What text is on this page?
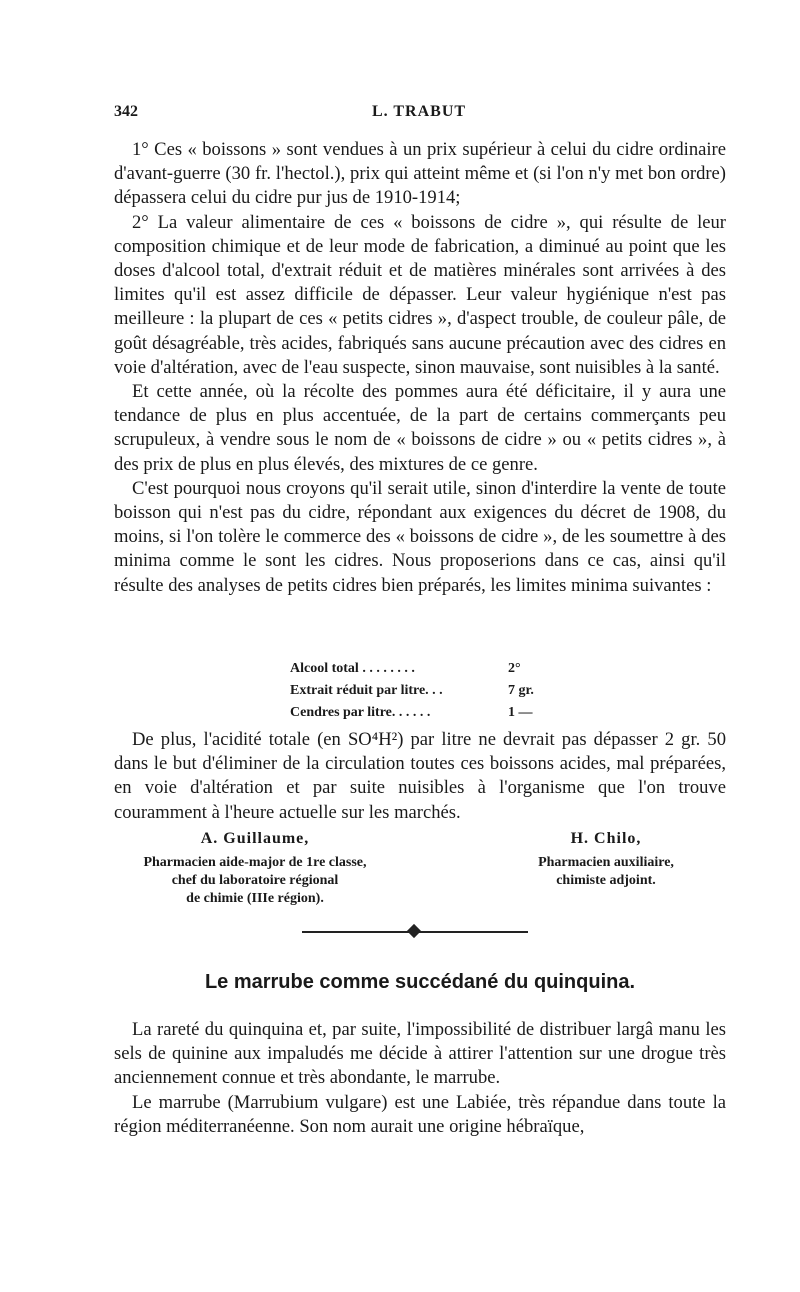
342	L. TRABUT

1° Ces « boissons » sont vendues à un prix supérieur à celui du cidre ordinaire d'avant-guerre (30 fr. l'hectol.), prix qui atteint même et (si l'on n'y met bon ordre) dépassera celui du cidre pur jus de 1910-1914;

2° La valeur alimentaire de ces « boissons de cidre », qui résulte de leur composition chimique et de leur mode de fabrication, a diminué au point que les doses d'alcool total, d'extrait réduit et de matières minérales sont arrivées à des limites qu'il est assez difficile de dépasser. Leur valeur hygiénique n'est pas meilleure : la plupart de ces « petits cidres », d'aspect trouble, de couleur pâle, de goût désagréable, très acides, fabriqués sans aucune précaution avec des cidres en voie d'altération, avec de l'eau suspecte, sinon mauvaise, sont nuisibles à la santé.

Et cette année, où la récolte des pommes aura été déficitaire, il y aura une tendance de plus en plus accentuée, de la part de certains commerçants peu scrupuleux, à vendre sous le nom de « boissons de cidre » ou « petits cidres », à des prix de plus en plus élevés, des mixtures de ce genre.

C'est pourquoi nous croyons qu'il serait utile, sinon d'interdire la vente de toute boisson qui n'est pas du cidre, répondant aux exigences du décret de 1908, du moins, si l'on tolère le commerce des « boissons de cidre », de les soumettre à des minima comme le sont les cidres. Nous proposerions dans ce cas, ainsi qu'il résulte des analyses de petits cidres bien préparés, les limites minima suivantes :

Alcool total . . . . . . . .	2°
Extrait réduit par litre. . .	7 gr.
Cendres par litre. . . . . .	1 —

De plus, l'acidité totale (en SO⁴H²) par litre ne devrait pas dépasser 2 gr. 50 dans le but d'éliminer de la circulation toutes ces boissons acides, mal préparées, en voie d'altération et par suite nuisibles à l'organisme que l'on trouve couramment à l'heure actuelle sur les marchés.

A. Guillaume,
Pharmacien aide-major de 1re classe,
chef du laboratoire régional
de chimie (IIIe région).
H. Chilo,
Pharmacien auxiliaire,
chimiste adjoint.
Le marrube comme succédané du quinquina.

La rareté du quinquina et, par suite, l'impossibilité de distribuer largâ manu les sels de quinine aux impaludés me décide à attirer l'attention sur une drogue très anciennement connue et très abondante, le marrube.

Le marrube (Marrubium vulgare) est une Labiée, très répandue dans toute la région méditerranéenne. Son nom aurait une origine hébraïque,
